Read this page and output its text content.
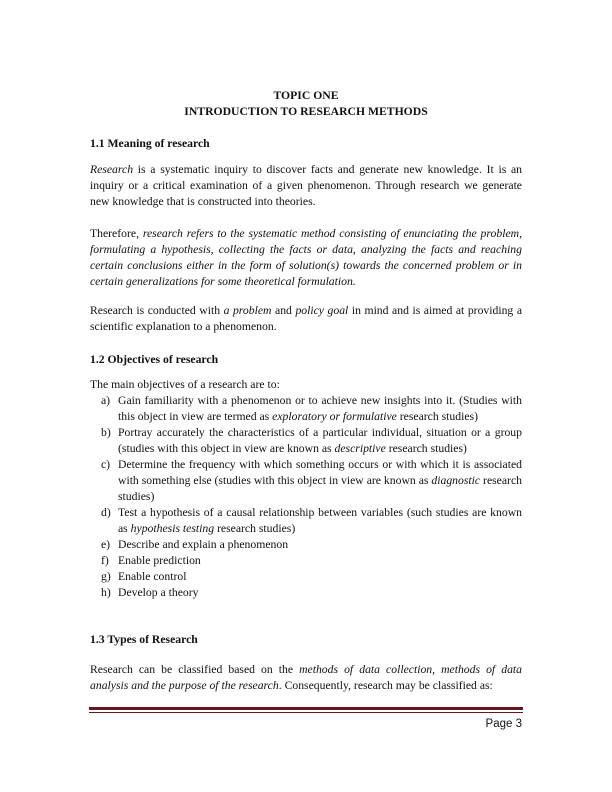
TOPIC ONE
INTRODUCTION TO RESEARCH METHODS
1.1 Meaning of research
Research is a systematic inquiry to discover facts and generate new knowledge. It is an inquiry or a critical examination of a given phenomenon. Through research we generate new knowledge that is constructed into theories.
Therefore, research refers to the systematic method consisting of enunciating the problem, formulating a hypothesis, collecting the facts or data, analyzing the facts and reaching certain conclusions either in the form of solution(s) towards the concerned problem or in certain generalizations for some theoretical formulation.
Research is conducted with a problem and policy goal in mind and is aimed at providing a scientific explanation to a phenomenon.
1.2 Objectives of research
The main objectives of a research are to:
a) Gain familiarity with a phenomenon or to achieve new insights into it. (Studies with this object in view are termed as exploratory or formulative research studies)
b) Portray accurately the characteristics of a particular individual, situation or a group (studies with this object in view are known as descriptive research studies)
c) Determine the frequency with which something occurs or with which it is associated with something else (studies with this object in view are known as diagnostic research studies)
d) Test a hypothesis of a causal relationship between variables (such studies are known as hypothesis testing research studies)
e) Describe and explain a phenomenon
f) Enable prediction
g) Enable control
h) Develop a theory
1.3 Types of Research
Research can be classified based on the methods of data collection, methods of data analysis and the purpose of the research. Consequently, research may be classified as:
Page 3
